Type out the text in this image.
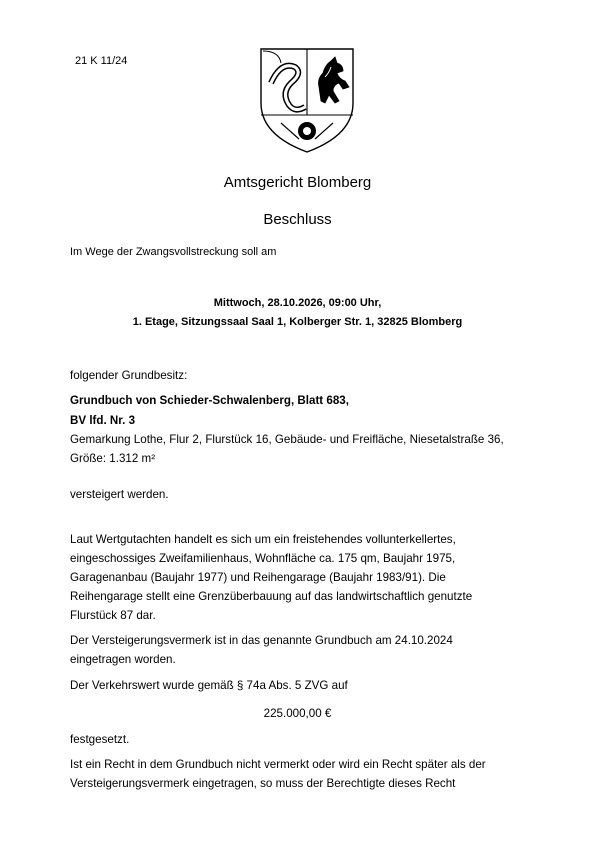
21 K 11/24
Amtsgericht Blomberg
Beschluss
Im Wege der Zwangsvollstreckung soll am
Mittwoch, 28.10.2026, 09:00 Uhr,
1. Etage, Sitzungssaal Saal 1, Kolberger Str. 1, 32825 Blomberg
folgender Grundbesitz:
Grundbuch von Schieder-Schwalenberg, Blatt 683,
BV lfd. Nr. 3
Gemarkung Lothe, Flur 2, Flurstück 16, Gebäude- und Freifläche, Niesetalstraße 36,
Größe: 1.312 m²
versteigert werden.
Laut Wertgutachten handelt es sich um ein freistehendes vollunterkellertes,
eingeschossiges Zweifamilienhaus, Wohnfläche ca. 175 qm, Baujahr 1975,
Garagenanbau (Baujahr 1977) und Reihengarage (Baujahr 1983/91). Die
Reihengarage stellt eine Grenzüberbauung auf das landwirtschaftlich genutzte
Flurstück 87 dar.
Der Versteigerungsvermerk ist in das genannte Grundbuch am 24.10.2024
eingetragen worden.
Der Verkehrswert wurde gemäß § 74a Abs. 5 ZVG auf
225.000,00 €
festgesetzt.
Ist ein Recht in dem Grundbuch nicht vermerkt oder wird ein Recht später als der
Versteigerungsvermerk eingetragen, so muss der Berechtigte dieses Recht
